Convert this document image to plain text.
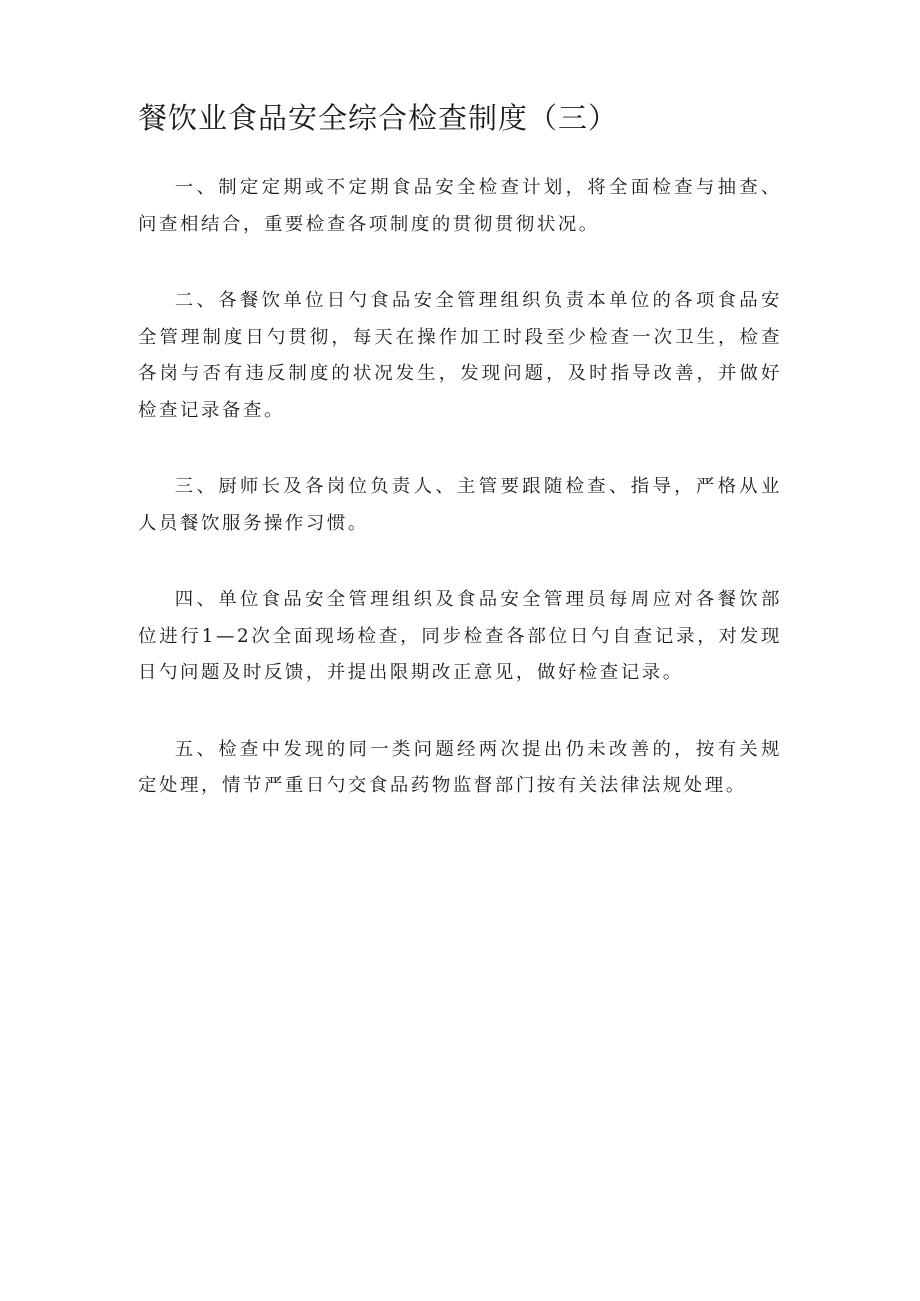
餐饮业食品安全综合检查制度（三）

一、制定定期或不定期食品安全检查计划，将全面检查与抽查、问查相结合，重要检查各项制度的贯彻贯彻状况。

二、各餐饮单位日勺食品安全管理组织负责本单位的各项食品安全管理制度日勺贯彻，每天在操作加工时段至少检查一次卫生，检查各岗与否有违反制度的状况发生，发现问题，及时指导改善，并做好检查记录备查。

三、厨师长及各岗位负责人、主管要跟随检查、指导，严格从业人员餐饮服务操作习惯。

四、单位食品安全管理组织及食品安全管理员每周应对各餐饮部位进行1—2次全面现场检查，同步检查各部位日勺自查记录，对发现日勺问题及时反馈，并提出限期改正意见，做好检查记录。

五、检查中发现的同一类问题经两次提出仍未改善的，按有关规定处理，情节严重日勺交食品药物监督部门按有关法律法规处理。
